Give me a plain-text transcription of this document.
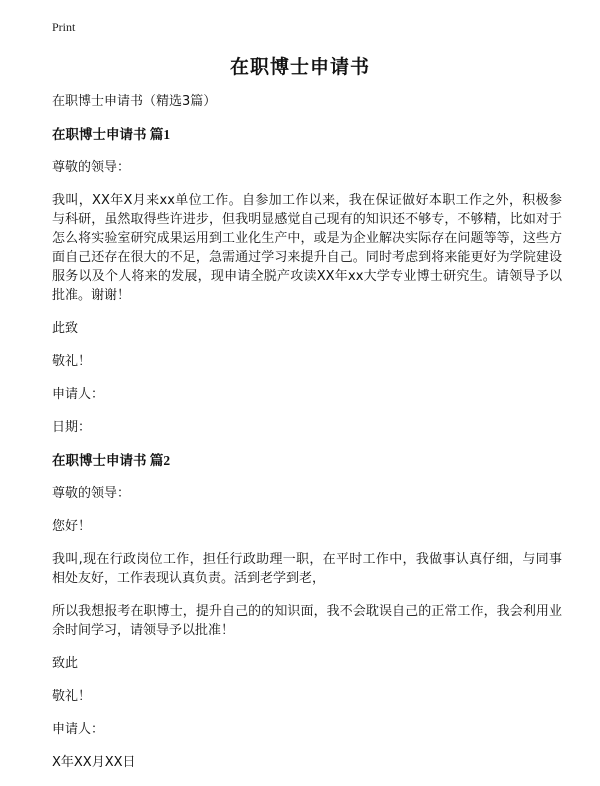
Print
在职博士申请书

在职博士申请书（精选3篇）

在职博士申请书 篇1

尊敬的领导：

我叫，XX年X月来xx单位工作。自参加工作以来，我在保证做好本职工作之外，积极参与科研，虽然取得些许进步，但我明显感觉自己现有的知识还不够专，不够精，比如对于怎么将实验室研究成果运用到工业化生产中，或是为企业解决实际存在问题等等，这些方面自己还存在很大的不足，急需通过学习来提升自己。同时考虑到将来能更好为学院建设服务以及个人将来的发展，现申请全脱产攻读XX年xx大学专业博士研究生。请领导予以批准。谢谢！

此致

敬礼！

申请人：

日期：

在职博士申请书 篇2

尊敬的领导：

您好！

我叫,现在行政岗位工作，担任行政助理一职，在平时工作中，我做事认真仔细，与同事相处友好，工作表现认真负责。活到老学到老，

所以我想报考在职博士，提升自己的的知识面，我不会耽误自己的正常工作，我会利用业余时间学习，请领导予以批准！

致此

敬礼！

申请人：

X年XX月XX日
